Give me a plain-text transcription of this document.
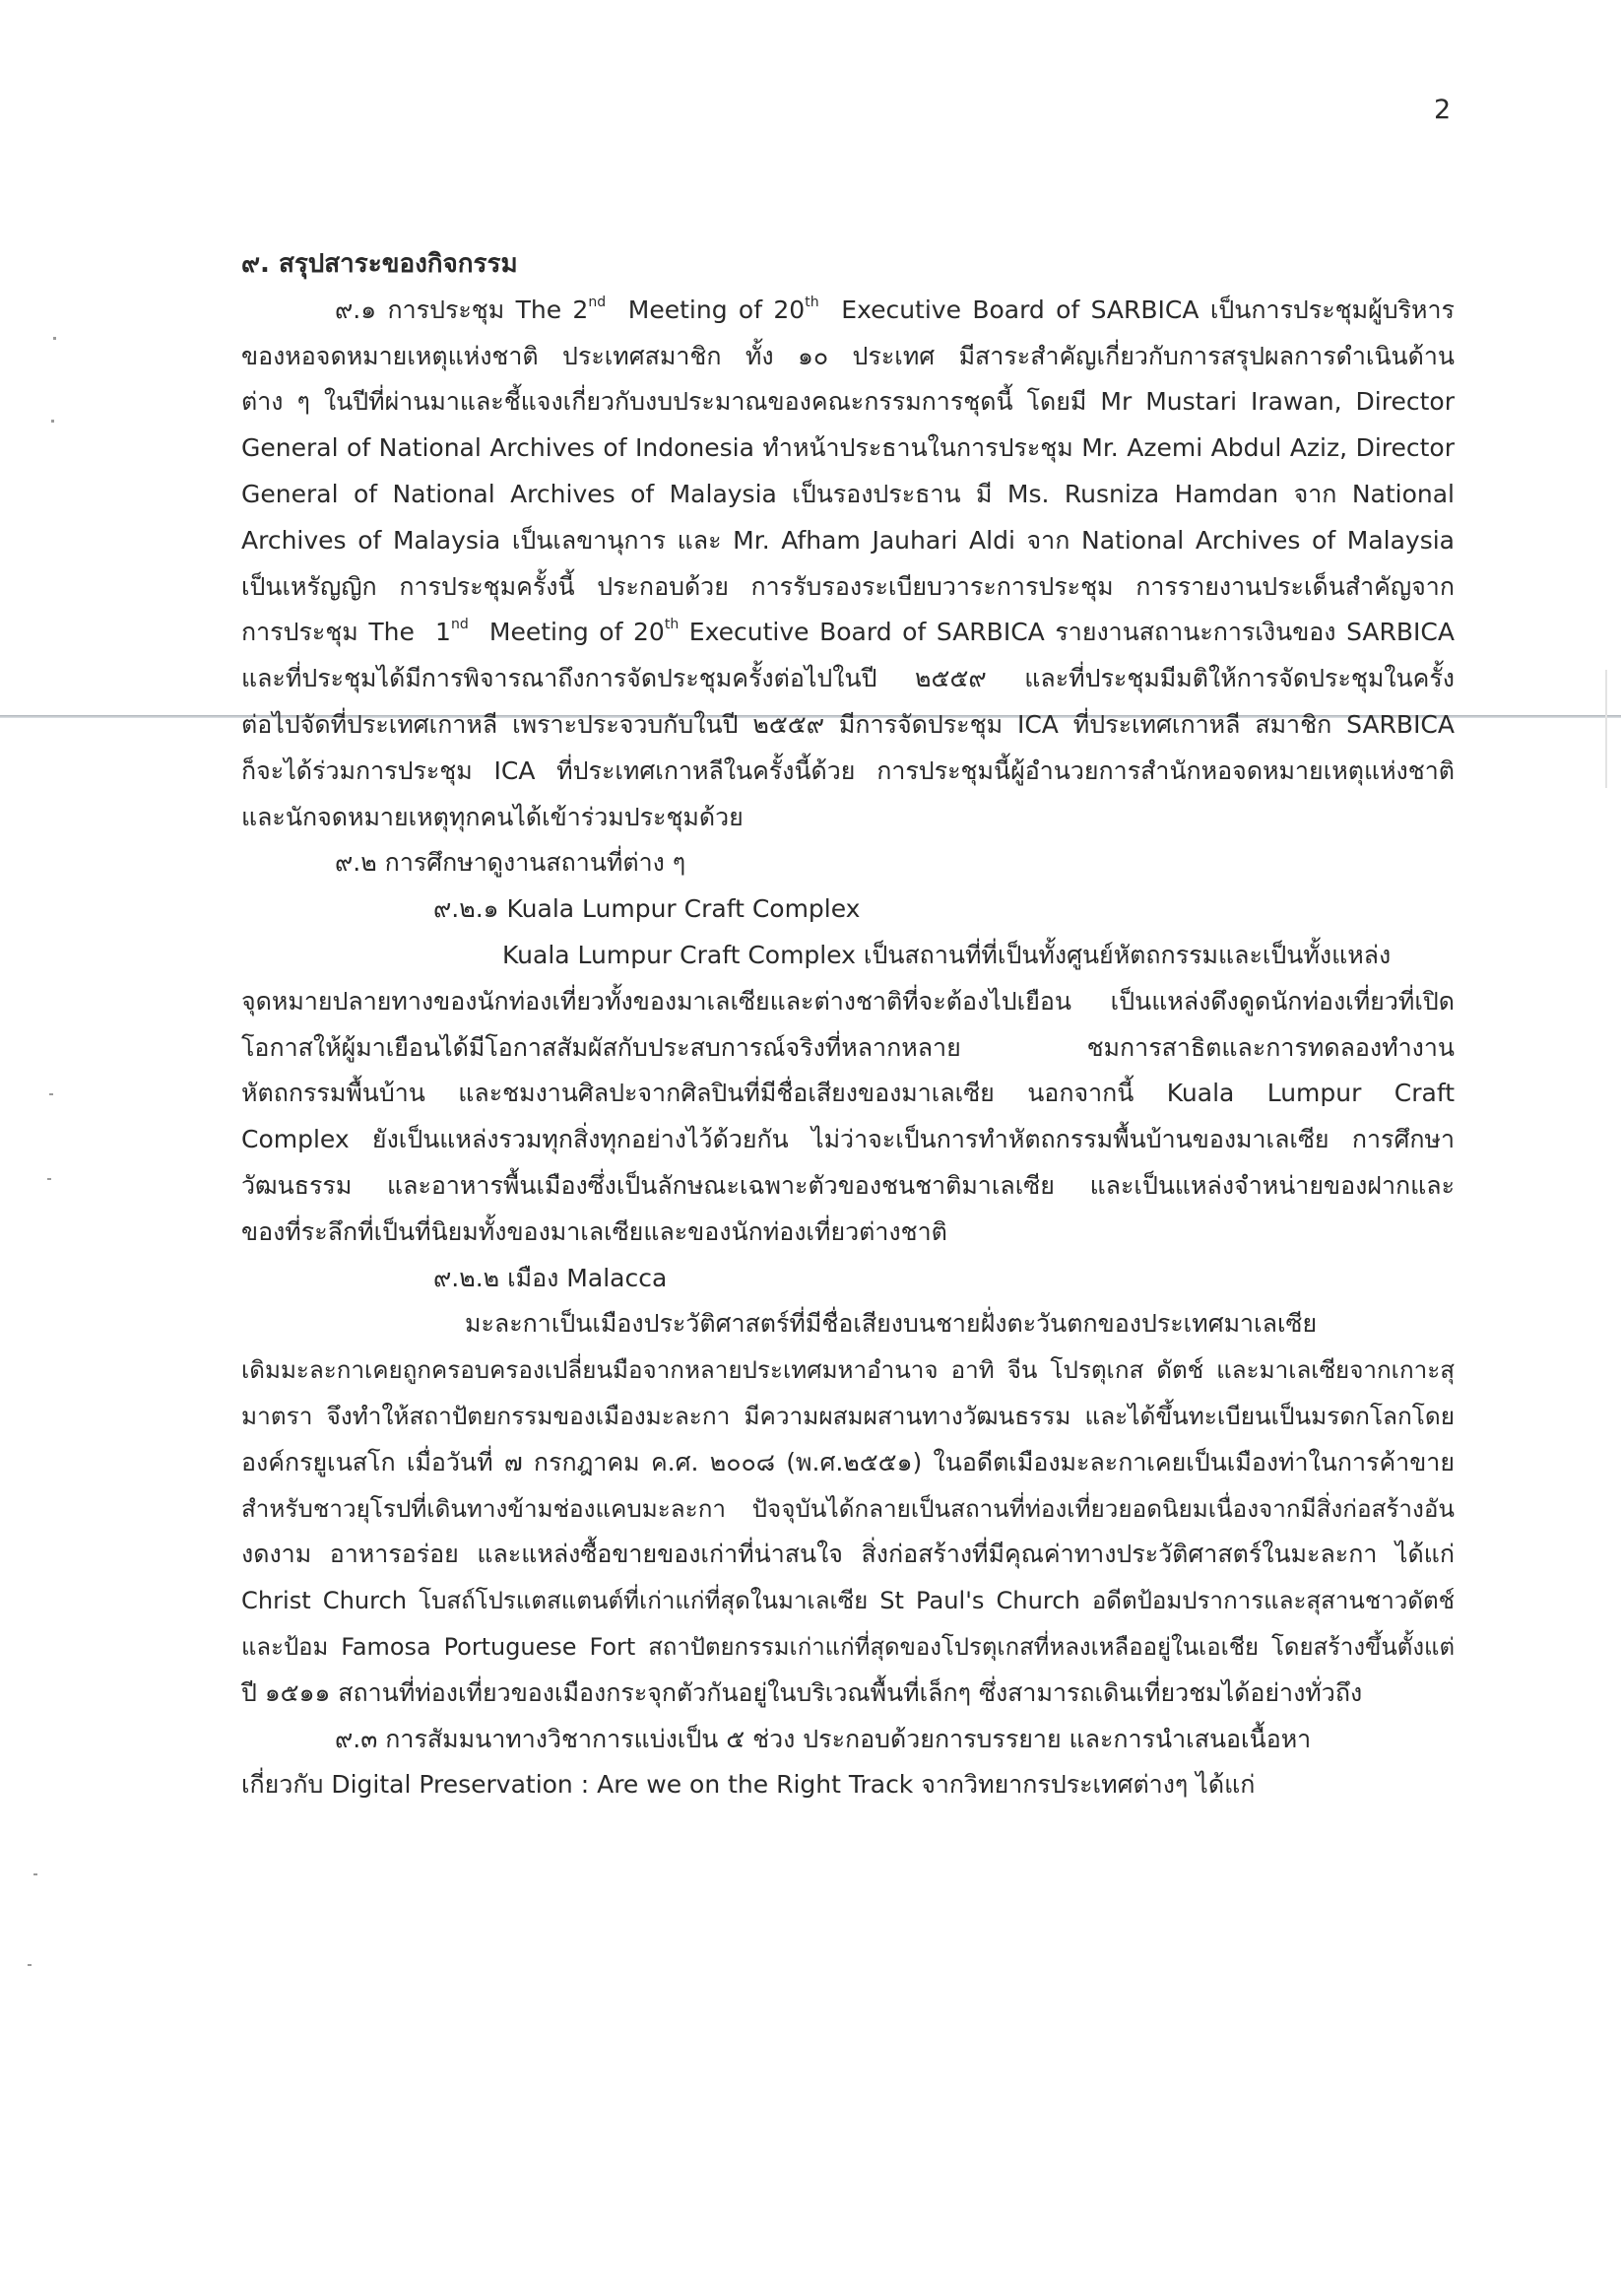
2
๙. สรุปสาระของกิจกรรม
๙.๑ การประชุม The 2nd  Meeting of 20th  Executive Board of SARBICA เป็นการประชุมผู้บริหาร
ของหอจดหมายเหตุแห่งชาติ ประเทศสมาชิก ทั้ง ๑๐ ประเทศ มีสาระสำคัญเกี่ยวกับการสรุปผลการดำเนินด้าน
ต่าง ๆ ในปีที่ผ่านมาและชี้แจงเกี่ยวกับงบประมาณของคณะกรรมการชุดนี้ โดยมี Mr Mustari Irawan, Director
General of National Archives of Indonesia ทำหน้าประธานในการประชุม Mr. Azemi Abdul Aziz, Director
General of National Archives of Malaysia เป็นรองประธาน มี Ms. Rusniza Hamdan จาก National
Archives of Malaysia เป็นเลขานุการ และ Mr. Afham Jauhari Aldi จาก National Archives of Malaysia
เป็นเหรัญญิก การประชุมครั้งนี้ ประกอบด้วย การรับรองระเบียบวาระการประชุม การรายงานประเด็นสำคัญจาก
การประชุม The  1nd  Meeting of 20th Executive Board of SARBICA รายงานสถานะการเงินของ SARBICA
และที่ประชุมได้มีการพิจารณาถึงการจัดประชุมครั้งต่อไปในปี ๒๕๕๙ และที่ประชุมมีมติให้การจัดประชุมในครั้ง
ต่อไปจัดที่ประเทศเกาหลี เพราะประจวบกับในปี ๒๕๕๙ มีการจัดประชุม ICA ที่ประเทศเกาหลี สมาชิก SARBICA
ก็จะได้ร่วมการประชุม ICA ที่ประเทศเกาหลีในครั้งนี้ด้วย การประชุมนี้ผู้อำนวยการสำนักหอจดหมายเหตุแห่งชาติ
และนักจดหมายเหตุทุกคนได้เข้าร่วมประชุมด้วย
๙.๒ การศึกษาดูงานสถานที่ต่าง ๆ
๙.๒.๑ Kuala Lumpur Craft Complex
Kuala Lumpur Craft Complex เป็นสถานที่ที่เป็นทั้งศูนย์หัตถกรรมและเป็นทั้งแหล่ง
จุดหมายปลายทางของนักท่องเที่ยวทั้งของมาเลเซียและต่างชาติที่จะต้องไปเยือน เป็นแหล่งดึงดูดนักท่องเที่ยวที่เปิด
โอกาสให้ผู้มาเยือนได้มีโอกาสสัมผัสกับประสบการณ์จริงที่หลากหลาย ชมการสาธิตและการทดลองทำงาน
หัตถกรรมพื้นบ้าน และชมงานศิลปะจากศิลปินที่มีชื่อเสียงของมาเลเซีย นอกจากนี้ Kuala Lumpur Craft
Complex ยังเป็นแหล่งรวมทุกสิ่งทุกอย่างไว้ด้วยกัน ไม่ว่าจะเป็นการทำหัตถกรรมพื้นบ้านของมาเลเซีย การศึกษา
วัฒนธรรม และอาหารพื้นเมืองซึ่งเป็นลักษณะเฉพาะตัวของชนชาติมาเลเซีย และเป็นแหล่งจำหน่ายของฝากและ
ของที่ระลึกที่เป็นที่นิยมทั้งของมาเลเซียและของนักท่องเที่ยวต่างชาติ
๙.๒.๒ เมือง Malacca
มะละกาเป็นเมืองประวัติศาสตร์ที่มีชื่อเสียงบนชายฝั่งตะวันตกของประเทศมาเลเซีย
เดิมมะละกาเคยถูกครอบครองเปลี่ยนมือจากหลายประเทศมหาอำนาจ อาทิ จีน โปรตุเกส ดัตช์ และมาเลเซียจากเกาะสุ
มาตรา จึงทำให้สถาปัตยกรรมของเมืองมะละกา มีความผสมผสานทางวัฒนธรรม และได้ขึ้นทะเบียนเป็นมรดกโลกโดย
องค์กรยูเนสโก เมื่อวันที่ ๗ กรกฎาคม ค.ศ. ๒๐๐๘ (พ.ศ.๒๕๕๑) ในอดีตเมืองมะละกาเคยเป็นเมืองท่าในการค้าขาย
สำหรับชาวยุโรปที่เดินทางข้ามช่องแคบมะละกา ปัจจุบันได้กลายเป็นสถานที่ท่องเที่ยวยอดนิยมเนื่องจากมีสิ่งก่อสร้างอัน
งดงาม อาหารอร่อย และแหล่งซื้อขายของเก่าที่น่าสนใจ สิ่งก่อสร้างที่มีคุณค่าทางประวัติศาสตร์ในมะละกา ได้แก่
Christ Church โบสถ์โปรแตสแตนต์ที่เก่าแก่ที่สุดในมาเลเซีย St Paul's Church อดีตป้อมปราการและสุสานชาวดัตช์
และป้อม Famosa Portuguese Fort สถาปัตยกรรมเก่าแก่ที่สุดของโปรตุเกสที่หลงเหลืออยู่ในเอเชีย โดยสร้างขึ้นตั้งแต่
ปี ๑๕๑๑ สถานที่ท่องเที่ยวของเมืองกระจุกตัวกันอยู่ในบริเวณพื้นที่เล็กๆ ซึ่งสามารถเดินเที่ยวชมได้อย่างทั่วถึง
๙.๓ การสัมมนาทางวิชาการแบ่งเป็น ๕ ช่วง ประกอบด้วยการบรรยาย และการนำเสนอเนื้อหา
เกี่ยวกับ Digital Preservation : Are we on the Right Track จากวิทยากรประเทศต่างๆ ได้แก่
